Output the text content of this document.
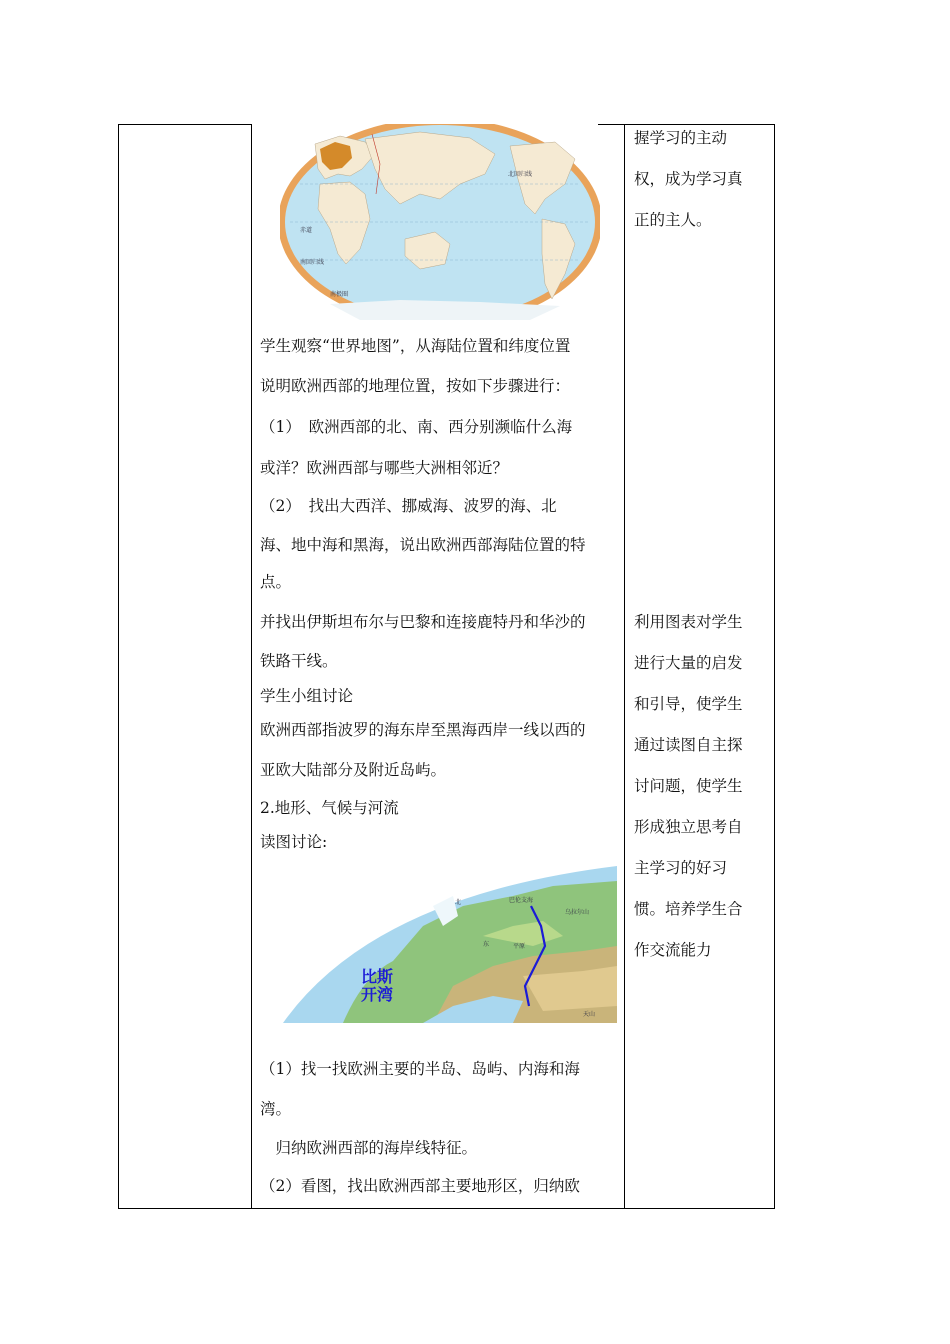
北回归线
赤道
南回归线
南极圈
学生观察“世界地图”，从海陆位置和纬度位置
说明欧洲西部的地理位置，按如下步骤进行：
（1）　欧洲西部的北、南、西分别濒临什么海
或洋？欧洲西部与哪些大洲相邻近？
（2）　找出大西洋、挪威海、波罗的海、北
海、地中海和黑海，说出欧洲西部海陆位置的特
点。
并找出伊斯坦布尔与巴黎和连接鹿特丹和华沙的
铁路干线。
学生小组讨论
欧洲西部指波罗的海东岸至黑海西岸一线以西的
亚欧大陆部分及附近岛屿。
2.地形、气候与河流
读图讨论:
（1）找一找欧洲主要的半岛、岛屿、内海和海
湾。
　归纳欧洲西部的海岸线特征。
（2）看图，找出欧洲西部主要地形区，归纳欧
北	巴伦支海
乌拉尔山
东	平原
天山
比斯
开湾
握学习的主动
权，成为学习真
正的主人。
利用图表对学生
进行大量的启发
和引导，使学生
通过读图自主探
讨问题，使学生
形成独立思考自
主学习的好习
惯。培养学生合
作交流能力
